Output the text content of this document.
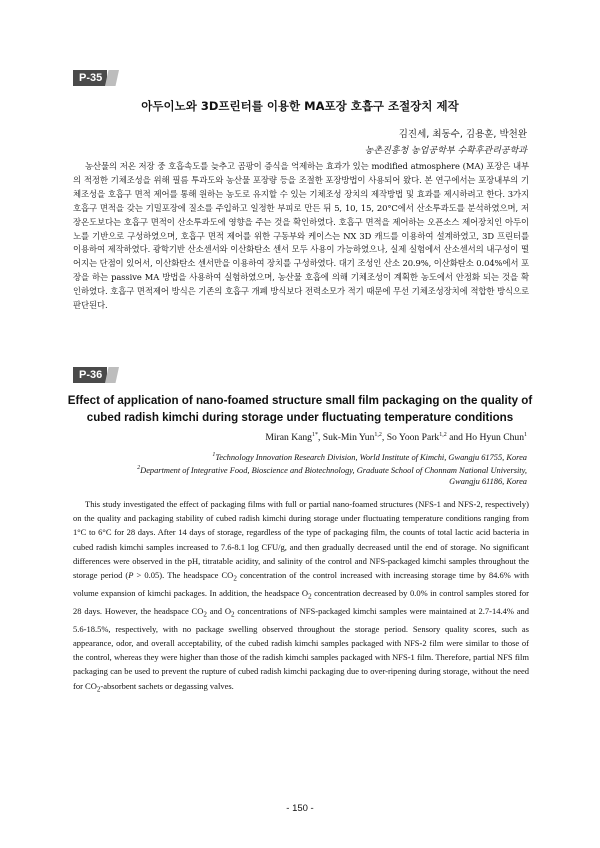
P-35
아두이노와 3D프린터를 이용한 MA포장 호흡구 조절장치 제작
김진세, 최동수, 김용훈, 박천완
농촌진흥청 농업공학부 수확후관리공학과

농산물의 저온 저장 중 호흡속도를 늦추고 곰팡이 증식을 억제하는 효과가 있는 modified atmosphere (MA) 포장은 내부의 적정한 기체조성을 위해 필름 투과도와 농산물 포장량 등을 조절한 포장방법이 사용되어 왔다. 본 연구에서는 포장내부의 기체조성을 호흡구 면적 제어를 통해 원하는 농도로 유지할 수 있는 기체조성 장치의 제작방법 및 효과를 제시하려고 한다. 3가지 호흡구 면적을 갖는 기밀포장에 질소를 주입하고 일정한 부피로 만든 뒤 5, 10, 15, 20°C에서 산소투과도를 분석하였으며, 저장온도보다는 호흡구 면적이 산소투과도에 영향을 주는 것을 확인하였다. 호흡구 면적을 제어하는 오픈소스 제어장치인 아두이노를 기반으로 구성하였으며, 호흡구 면적 제어를 위한 구동부와 케이스는 NX 3D 캐드를 이용하여 설계하였고, 3D 프린터를 이용하여 제작하였다. 광학기반 산소센서와 이산화탄소 센서 모두 사용이 가능하였으나, 실제 실험에서 산소센서의 내구성이 떨어지는 단점이 있어서, 이산화탄소 센서만을 이용하여 장치를 구성하였다. 대기 조성인 산소 20.9%, 이산화탄소 0.04%에서 포장을 하는 passive MA 방법을 사용하여 실험하였으며, 농산물 호흡에 의해 기체조성이 계획한 농도에서 안정화 되는 것을 확인하였다. 호흡구 면적제어 방식은 기존의 호흡구 개폐 방식보다 전력소모가 적기 때문에 무선 기체조성장치에 적합한 방식으로 판단된다.

P-36

Effect of application of nano-foamed structure small film packaging on the quality of cubed radish kimchi during storage under fluctuating temperature conditions

Miran Kang$^{1*}$, Suk-Min Yun$^{1,2}$, So Yoon Park$^{1,2}$ and Ho Hyun Chun$^1$
$^1$Technology Innovation Research Division, World Institute of Kimchi, Gwangju 61755, Korea
$^2$Department of Integrative Food, Bioscience and Biotechnology, Graduate School of Chonnam National University,
Gwangju 61186, Korea

This study investigated the effect of packaging films with full or partial nano-foamed structures (NFS-1 and NFS-2, respectively) on the quality and packaging stability of cubed radish kimchi during storage under fluctuating temperature conditions ranging from 1°C to 6°C for 28 days. After 14 days of storage, regardless of the type of packaging film, the counts of total lactic acid bacteria in cubed radish kimchi samples increased to 7.6-8.1 log CFU/g, and then gradually decreased until the end of storage. No significant differences were observed in the pH, titratable acidity, and salinity of the control and NFS-packaged kimchi samples throughout the storage period (P > 0.05). The headspace $CO_2$ concentration of the control increased with increasing storage time by 84.6% with volume expansion of kimchi packages. In addition, the headspace $O_2$ concentration decreased by 0.0% in control samples stored for 28 days. However, the headspace $CO_2$ and $O_2$ concentrations of NFS-packaged kimchi samples were maintained at 2.7-14.4% and 5.6-18.5%, respectively, with no package swelling observed throughout the storage period. Sensory quality scores, such as appearance, odor, and overall acceptability, of the cubed radish kimchi samples packaged with NFS-2 film were similar to those of the control, whereas they were higher than those of the radish kimchi samples packaged with NFS-1 film. Therefore, partial NFS film packaging can be used to prevent the rupture of cubed radish kimchi packaging due to over-ripening during storage, without the need for $CO_2$-absorbent sachets or degassing valves.

- 150 -
